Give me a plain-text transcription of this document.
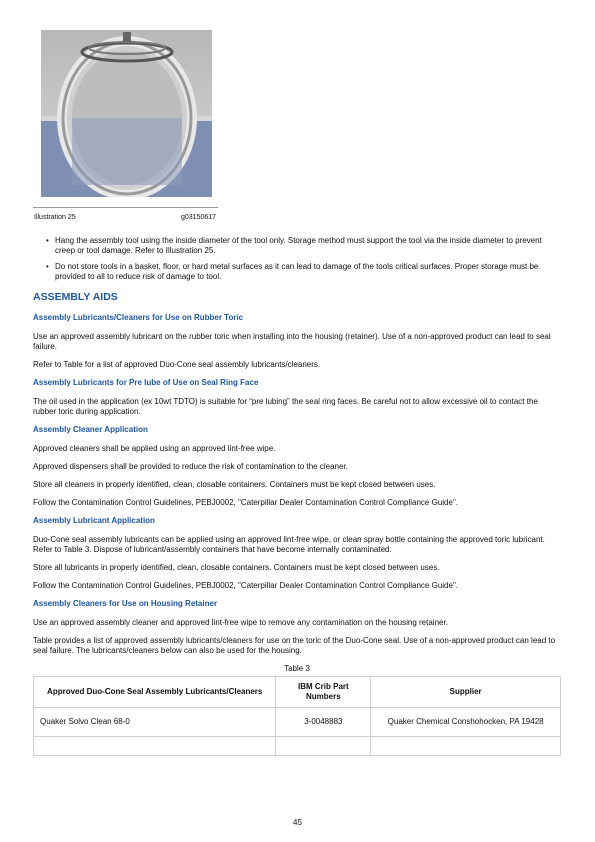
Illustration 25	g03150617
• Hang the assembly tool using the inside diameter of the tool only. Storage method must support the tool via the inside diameter to prevent creep or tool damage. Refer to Illustration 25.
• Do not store tools in a basket, floor, or hard metal surfaces as it can lead to damage of the tools critical surfaces. Proper storage must be provided to all to reduce risk of damage to tool.
ASSEMBLY AIDS
Assembly Lubricants/Cleaners for Use on Rubber Toric

Use an approved assembly lubricant on the rubber toric when installing into the housing (retainer). Use of a non-approved product can lead to seal failure.

Refer to Table for a list of approved Duo-Cone seal assembly lubricants/cleaners.

Assembly Lubricants for Pre lube of Use on Seal Ring Face

The oil used in the application (ex 10wt TDTO) is suitable for “pre lubing” the seal ring faces. Be careful not to allow excessive oil to contact the rubber toric during application.

Assembly Cleaner Application

Approved cleaners shall be applied using an approved lint-free wipe.

Approved dispensers shall be provided to reduce the risk of contamination to the cleaner.

Store all cleaners in properly identified, clean, closable containers. Containers must be kept closed between uses.

Follow the Contamination Control Guidelines, PEBJ0002, "Caterpillar Dealer Contamination Control Compliance Guide".

Assembly Lubricant Application

Duo-Cone seal assembly lubricants can be applied using an approved lint-free wipe, or clean spray bottle containing the approved toric lubricant. Refer to Table 3. Dispose of lubricant/assembly containers that have become internally contaminated.

Store all lubricants in properly identified, clean, closable containers. Containers must be kept closed between uses.

Follow the Contamination Control Guidelines, PEBJ0002, "Caterpillar Dealer Contamination Control Compliance Guide".

Assembly Cleaners for Use on Housing Retainer

Use an approved assembly cleaner and approved lint-free wipe to remove any contamination on the housing retainer.

Table provides a list of approved assembly lubricants/cleaners for use on the toric of the Duo-Cone seal. Use of a non-approved product can lead to seal failure. The lubricants/cleaners below can also be used for the housing.

Table 3
Approved Duo-Cone Seal Assembly Lubricants/Cleaners	IBM Crib Part Numbers	Supplier
Quaker Solvo Clean 68-0	3-0048883	Quaker Chemical Conshohocken, PA 19428

45
